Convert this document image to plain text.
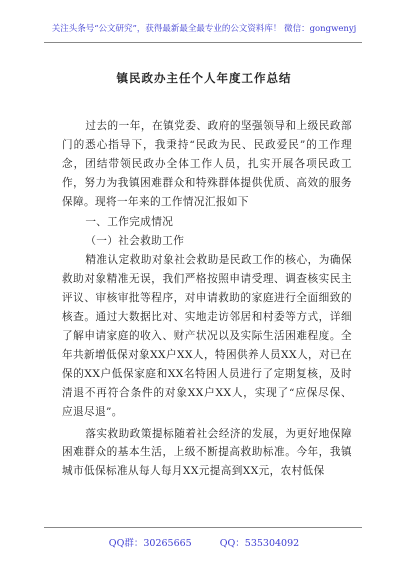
关注头条号“公文研究”，获得最新最全最专业的公文资料库！ 微信：gongwenyj
镇民政办主任个人年度工作总结

过去的一年，在镇党委、政府的坚强领导和上级民政部门的悉心指导下，我秉持“民政为民、民政爱民”的工作理念，团结带领民政办全体工作人员，扎实开展各项民政工作，努力为我镇困难群众和特殊群体提供优质、高效的服务保障。现将一年来的工作情况汇报如下

一、工作完成情况

（一）社会救助工作

精准认定救助对象社会救助是民政工作的核心，为确保救助对象精准无误，我们严格按照申请受理、调查核实民主评议、审核审批等程序，对申请救助的家庭进行全面细致的核查。通过大数据比对、实地走访邻居和村委等方式，详细了解申请家庭的收入、财产状况以及实际生活困难程度。全年共新增低保对象XX户XX人，特困供养人员XX人，对已在保的XX户低保家庭和XX名特困人员进行了定期复核，及时清退不再符合条件的对象XX户XX人，实现了“应保尽保、应退尽退”。

落实救助政策提标随着社会经济的发展，为更好地保障困难群众的基本生活，上级不断提高救助标准。今年，我镇城市低保标准从每人每月XX元提高到XX元，农村低保

QQ群：30265665	QQ：535304092
